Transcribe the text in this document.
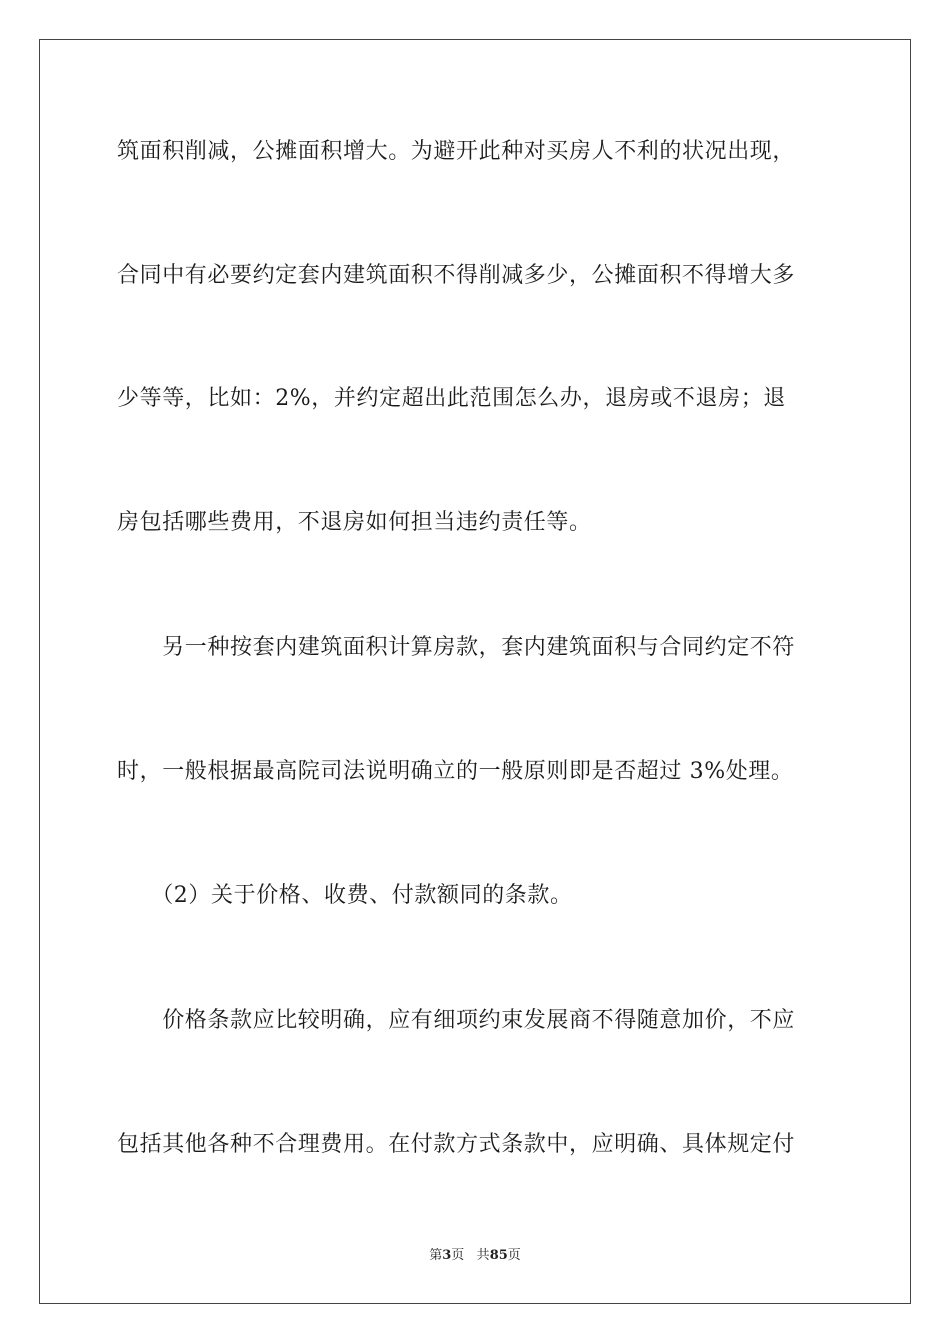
筑面积削减，公摊面积增大。为避开此种对买房人不利的状况出现，
合同中有必要约定套内建筑面积不得削减多少，公摊面积不得增大多
少等等，比如：2%，并约定超出此范围怎么办，退房或不退房；退
房包括哪些费用，不退房如何担当违约责任等。
　　另一种按套内建筑面积计算房款，套内建筑面积与合同约定不符
时，一般根据最高院司法说明确立的一般原则即是否超过 3%处理。
　　（2）关于价格、收费、付款额同的条款。
　　价格条款应比较明确，应有细项约束发展商不得随意加价，不应
包括其他各种不合理费用。在付款方式条款中，应明确、具体规定付
第3页 共85页
